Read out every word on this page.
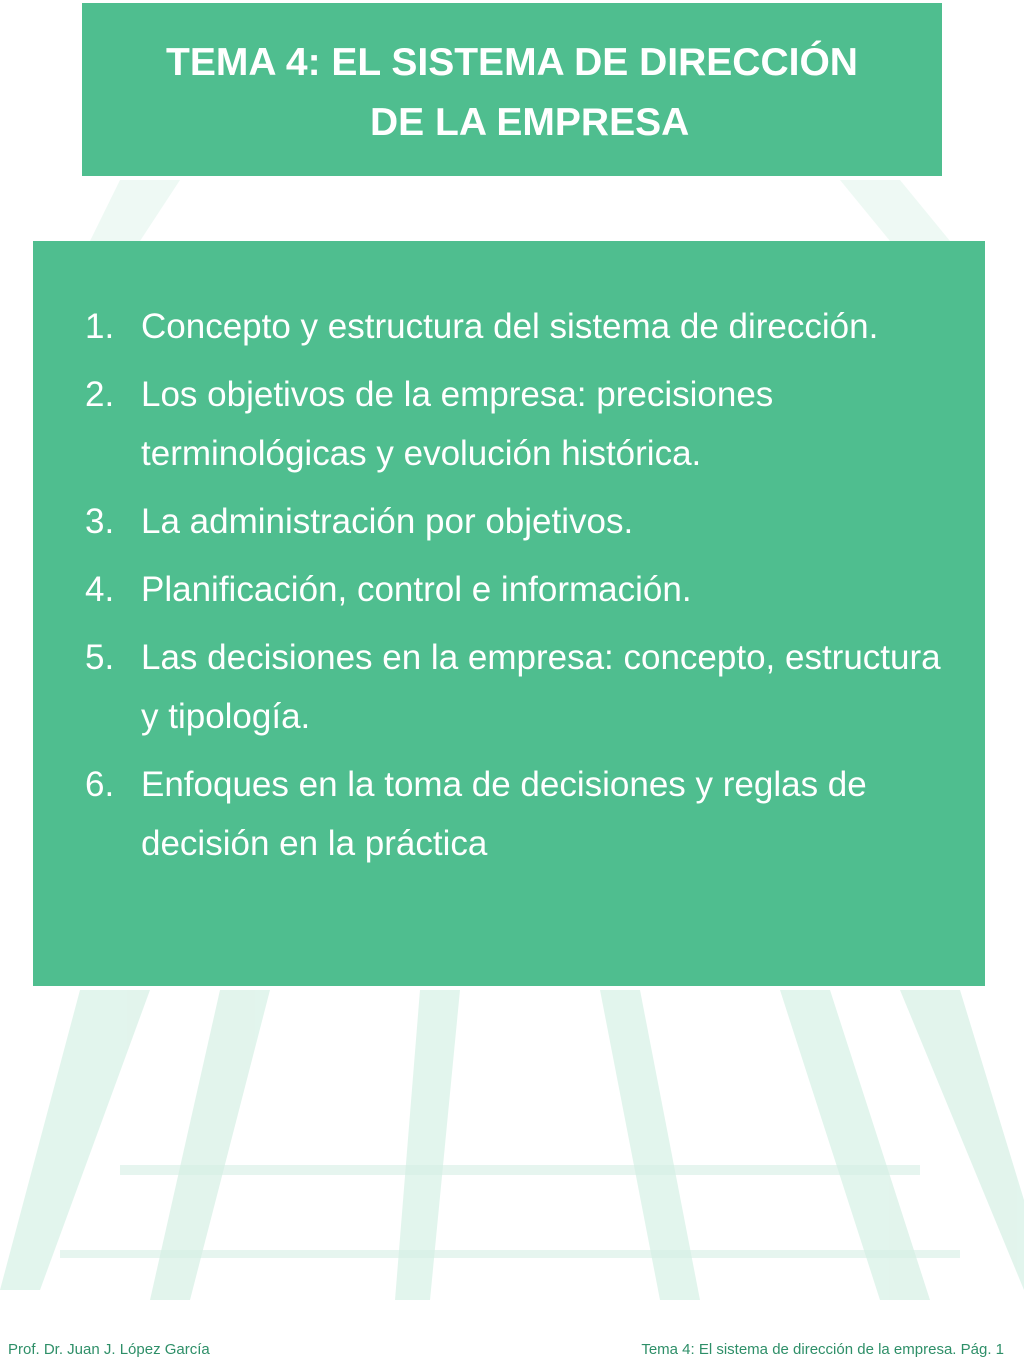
TEMA 4: EL SISTEMA DE DIRECCIÓN
DE LA EMPRESA
1. Concepto y estructura del sistema de dirección.
2. Los objetivos de la empresa: precisiones terminológicas y evolución histórica.
3. La administración por objetivos.
4. Planificación, control e información.
5. Las decisiones en la empresa: concepto, estructura y tipología.
6. Enfoques en la toma de decisiones y reglas de decisión en la práctica
Prof. Dr. Juan J. López García	Tema 4: El sistema de dirección de la empresa. Pág. 1
